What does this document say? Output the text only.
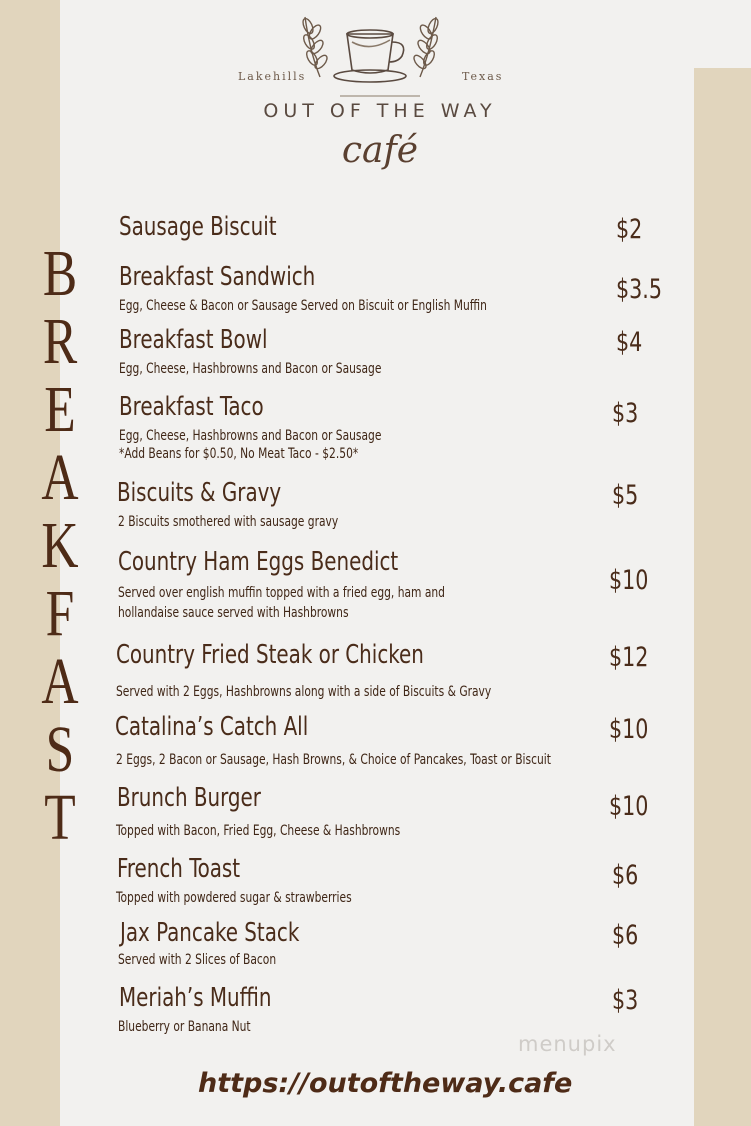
Lakehills	Texas
OUT OF THE WAY
café
B
R
E
A
K
F
A
S
T
Sausage Biscuit	$2
Breakfast Sandwich
Egg, Cheese & Bacon or Sausage Served on Biscuit or English Muffin
$3.5
Breakfast Bowl
Egg, Cheese, Hashbrowns and Bacon or Sausage
$4
Breakfast Taco
Egg, Cheese, Hashbrowns and Bacon or Sausage
*Add Beans for $0.50, No Meat Taco - $2.50*
$3
Biscuits & Gravy
2 Biscuits smothered with sausage gravy
$5
Country Ham Eggs Benedict
Served over english muffin topped with a fried egg, ham and
hollandaise sauce served with Hashbrowns
$10
Country Fried Steak or Chicken
Served with 2 Eggs, Hashbrowns along with a side of Biscuits & Gravy
$12
Catalina’s Catch All
2 Eggs, 2 Bacon or Sausage, Hash Browns, & Choice of Pancakes, Toast or Biscuit
$10
Brunch Burger
Topped with Bacon, Fried Egg, Cheese & Hashbrowns
$10
French Toast
Topped with powdered sugar & strawberries
$6
Jax Pancake Stack
Served with 2 Slices of Bacon
$6
Meriah’s Muffin
Blueberry or Banana Nut
$3
menupix
https://outoftheway.cafe
